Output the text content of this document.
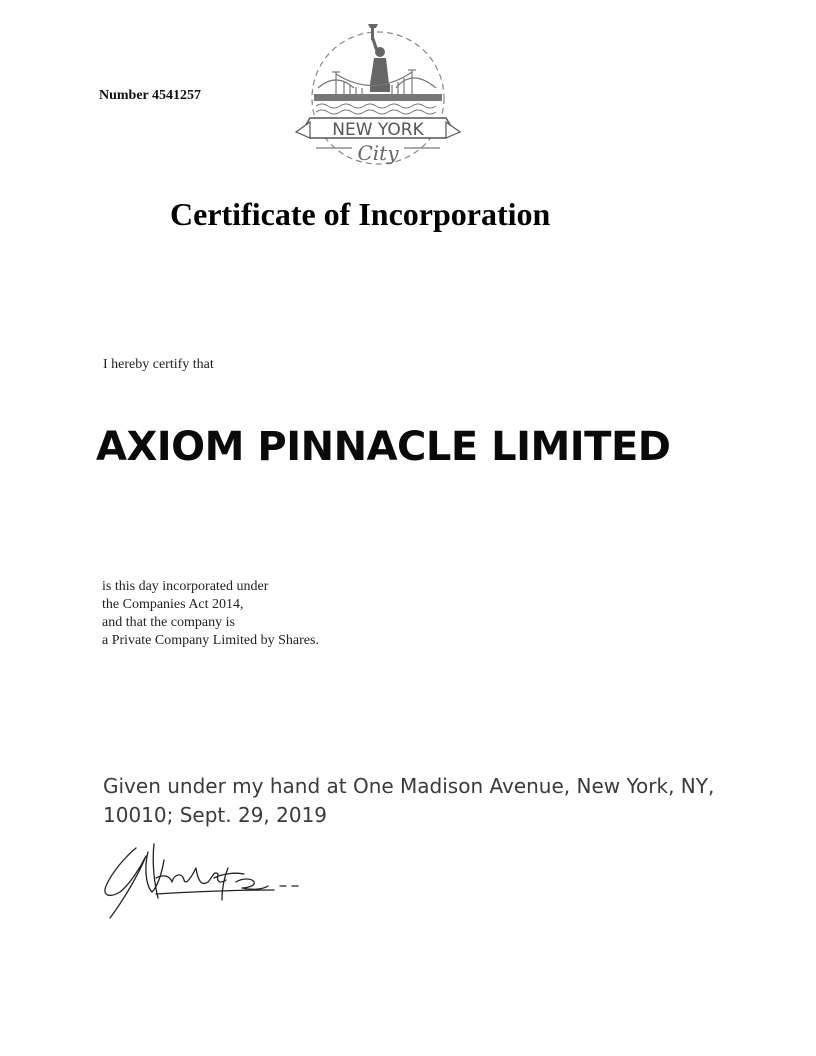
Number 4541257
NEW YORK
City
Certificate of Incorporation
I hereby certify that
AXIOM PINNACLE LIMITED
is this day incorporated under
the Companies Act 2014,
and that the company is
a Private Company Limited by Shares.
Given under my hand at One Madison Avenue, New York, NY,
10010; Sept. 29, 2019
